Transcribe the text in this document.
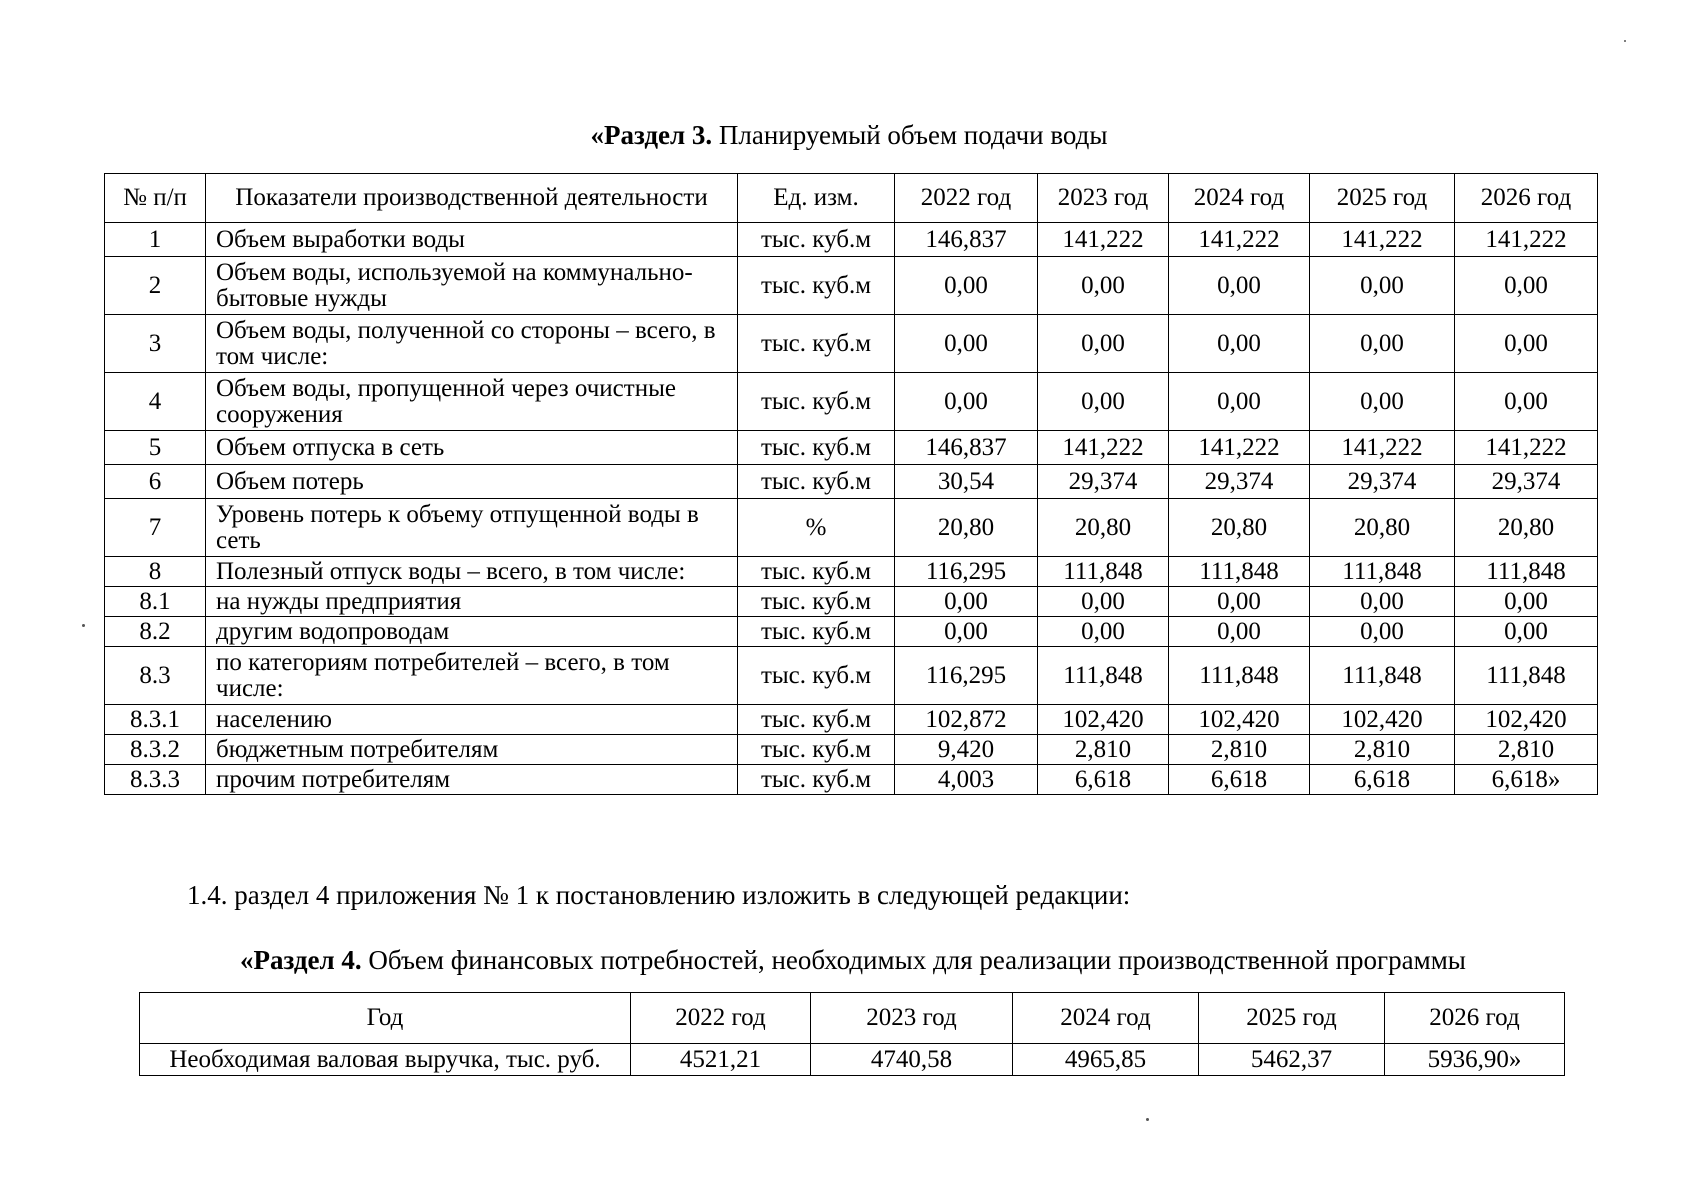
«Раздел 3. Планируемый объем подачи воды
№ п/п	Показатели производственной деятельности	Ед. изм.	2022 год	2023 год	2024 год	2025 год	2026 год
1	Объем выработки воды	тыс. куб.м	146,837	141,222	141,222	141,222	141,222
2	Объем воды, используемой на коммунально-бытовые нужды	тыс. куб.м	0,00	0,00	0,00	0,00	0,00
3	Объем воды, полученной со стороны – всего, в том числе:	тыс. куб.м	0,00	0,00	0,00	0,00	0,00
4	Объем воды, пропущенной через очистные сооружения	тыс. куб.м	0,00	0,00	0,00	0,00	0,00
5	Объем отпуска в сеть	тыс. куб.м	146,837	141,222	141,222	141,222	141,222
6	Объем потерь	тыс. куб.м	30,54	29,374	29,374	29,374	29,374
7	Уровень потерь к объему отпущенной воды в сеть	%	20,80	20,80	20,80	20,80	20,80
8	Полезный отпуск воды – всего, в том числе:	тыс. куб.м	116,295	111,848	111,848	111,848	111,848
8.1	на нужды предприятия	тыс. куб.м	0,00	0,00	0,00	0,00	0,00
8.2	другим водопроводам	тыс. куб.м	0,00	0,00	0,00	0,00	0,00
8.3	по категориям потребителей – всего, в том числе:	тыс. куб.м	116,295	111,848	111,848	111,848	111,848
8.3.1	населению	тыс. куб.м	102,872	102,420	102,420	102,420	102,420
8.3.2	бюджетным потребителям	тыс. куб.м	9,420	2,810	2,810	2,810	2,810
8.3.3	прочим потребителям	тыс. куб.м	4,003	6,618	6,618	6,618	6,618»
1.4. раздел 4 приложения № 1 к постановлению изложить в следующей редакции:
«Раздел 4. Объем финансовых потребностей, необходимых для реализации производственной программы
Год	2022 год	2023 год	2024 год	2025 год	2026 год
Необходимая валовая выручка, тыс. руб.	4521,21	4740,58	4965,85	5462,37	5936,90»
